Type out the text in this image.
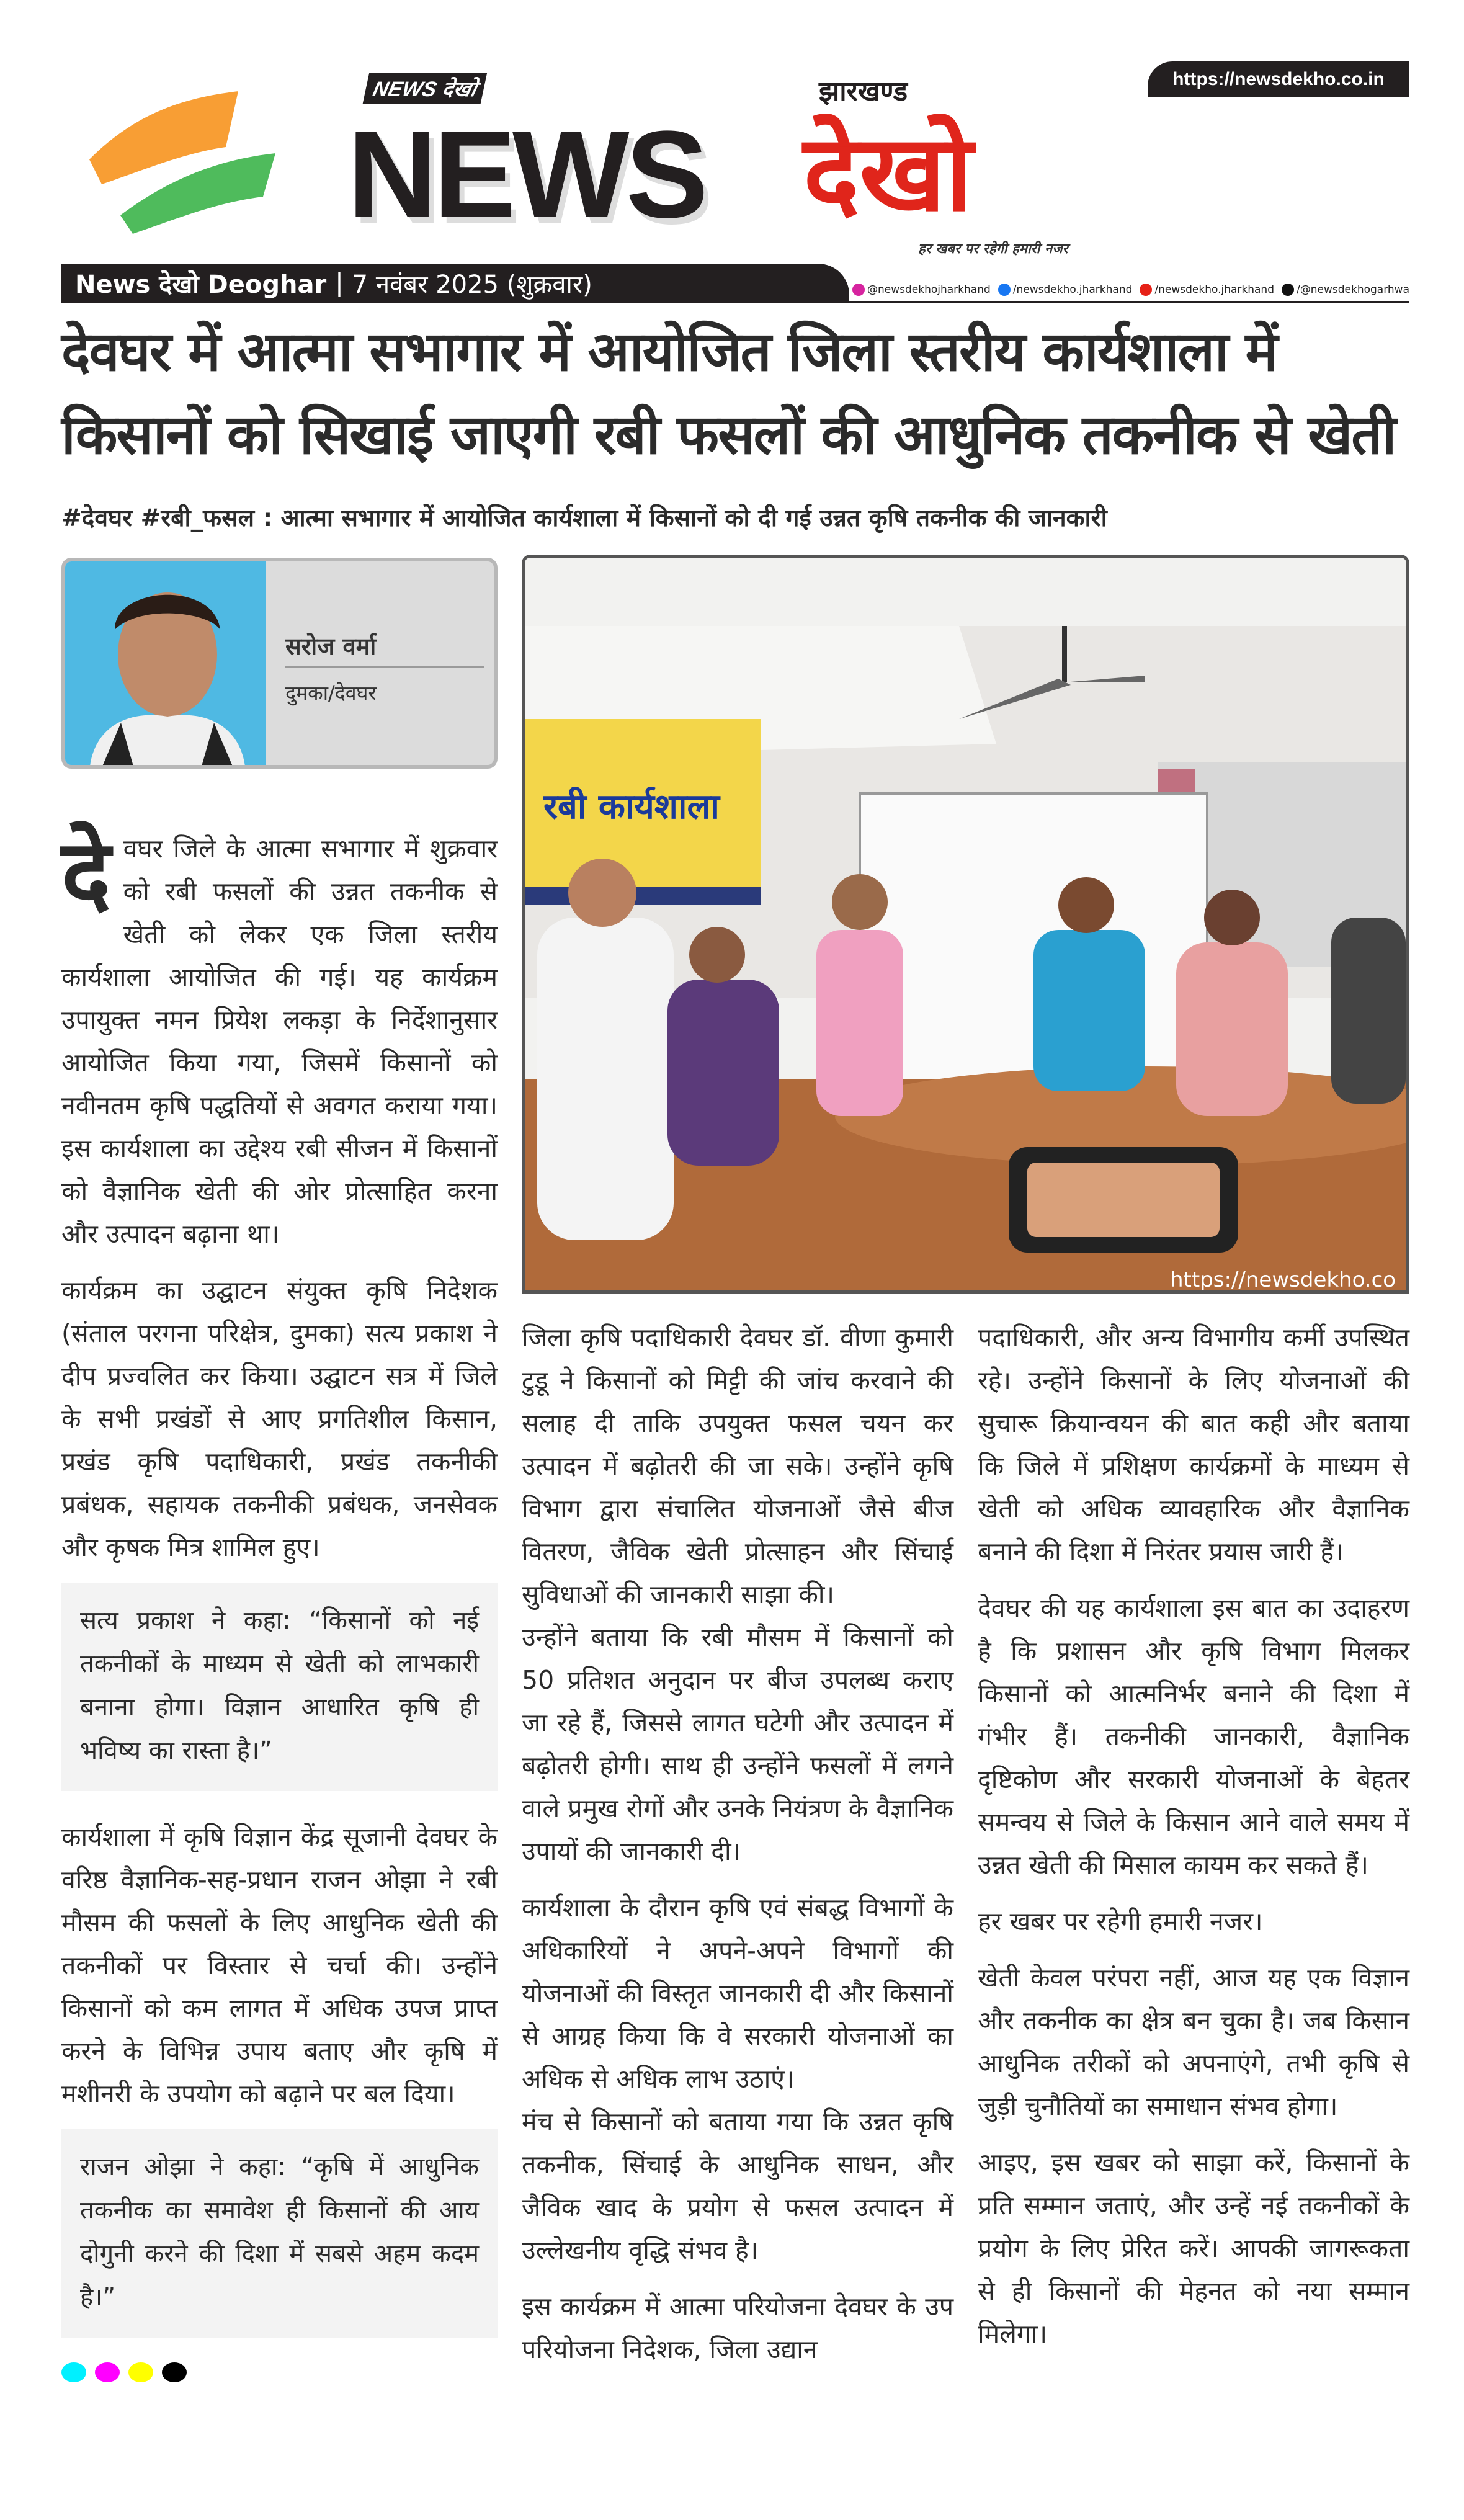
https://newsdekho.co.in
NEWS देखो
NEWS
झारखण्ड
देखो
हर खबर पर रहेगी हमारी नजर
News देखो Deoghar | 7 नवंबर 2025 (शुक्रवार)	@newsdekhojharkhand /newsdekho.jharkhand /newsdekho.jharkhand /@newsdekhogarhwa
देवघर में आत्मा सभागार में आयोजित जिला स्तरीय कार्यशाला में
किसानों को सिखाई जाएगी रबी फसलों की आधुनिक तकनीक से खेती
#देवघर #रबी_फसल : आत्मा सभागार में आयोजित कार्यशाला में किसानों को दी गई उन्नत कृषि तकनीक की जानकारी
सरोज वर्मा
दुमका/देवघर

देवघर जिले के आत्मा सभागार में शुक्रवार को रबी फसलों की उन्नत तकनीक से खेती को लेकर एक जिला स्तरीय कार्यशाला आयोजित की गई। यह कार्यक्रम उपायुक्त नमन प्रियेश लकड़ा के निर्देशानुसार आयोजित किया गया, जिसमें किसानों को नवीनतम कृषि पद्धतियों से अवगत कराया गया। इस कार्यशाला का उद्देश्य रबी सीजन में किसानों को वैज्ञानिक खेती की ओर प्रोत्साहित करना और उत्पादन बढ़ाना था।

कार्यक्रम का उद्घाटन संयुक्त कृषि निदेशक (संताल परगना परिक्षेत्र, दुमका) सत्य प्रकाश ने दीप प्रज्वलित कर किया। उद्घाटन सत्र में जिले के सभी प्रखंडों से आए प्रगतिशील किसान, प्रखंड कृषि पदाधिकारी, प्रखंड तकनीकी प्रबंधक, सहायक तकनीकी प्रबंधक, जनसेवक और कृषक मित्र शामिल हुए।

सत्य प्रकाश ने कहा: “किसानों को नई तकनीकों के माध्यम से खेती को लाभकारी बनाना होगा। विज्ञान आधारित कृषि ही भविष्य का रास्ता है।”

कार्यशाला में कृषि विज्ञान केंद्र सूजानी देवघर के वरिष्ठ वैज्ञानिक-सह-प्रधान राजन ओझा ने रबी मौसम की फसलों के लिए आधुनिक खेती की तकनीकों पर विस्तार से चर्चा की। उन्होंने किसानों को कम लागत में अधिक उपज प्राप्त करने के विभिन्न उपाय बताए और कृषि में मशीनरी के उपयोग को बढ़ाने पर बल दिया।

राजन ओझा ने कहा: “कृषि में आधुनिक तकनीक का समावेश ही किसानों की आय दोगुनी करने की दिशा में सबसे अहम कदम है।”
रबी कार्यशाला
https://newsdekho.co

जिला कृषि पदाधिकारी देवघर डॉ. वीणा कुमारी टुडू ने किसानों को मिट्टी की जांच करवाने की सलाह दी ताकि उपयुक्त फसल चयन कर उत्पादन में बढ़ोतरी की जा सके। उन्होंने कृषि विभाग द्वारा संचालित योजनाओं जैसे बीज वितरण, जैविक खेती प्रोत्साहन और सिंचाई सुविधाओं की जानकारी साझा की।

उन्होंने बताया कि रबी मौसम में किसानों को 50 प्रतिशत अनुदान पर बीज उपलब्ध कराए जा रहे हैं, जिससे लागत घटेगी और उत्पादन में बढ़ोतरी होगी। साथ ही उन्होंने फसलों में लगने वाले प्रमुख रोगों और उनके नियंत्रण के वैज्ञानिक उपायों की जानकारी दी।

कार्यशाला के दौरान कृषि एवं संबद्ध विभागों के अधिकारियों ने अपने-अपने विभागों की योजनाओं की विस्तृत जानकारी दी और किसानों से आग्रह किया कि वे सरकारी योजनाओं का अधिक से अधिक लाभ उठाएं।

मंच से किसानों को बताया गया कि उन्नत कृषि तकनीक, सिंचाई के आधुनिक साधन, और जैविक खाद के प्रयोग से फसल उत्पादन में उल्लेखनीय वृद्धि संभव है।

इस कार्यक्रम में आत्मा परियोजना देवघर के उप परियोजना निदेशक, जिला उद्यान

पदाधिकारी, और अन्य विभागीय कर्मी उपस्थित रहे। उन्होंने किसानों के लिए योजनाओं की सुचारू क्रियान्वयन की बात कही और बताया कि जिले में प्रशिक्षण कार्यक्रमों के माध्यम से खेती को अधिक व्यावहारिक और वैज्ञानिक बनाने की दिशा में निरंतर प्रयास जारी हैं।

देवघर की यह कार्यशाला इस बात का उदाहरण है कि प्रशासन और कृषि विभाग मिलकर किसानों को आत्मनिर्भर बनाने की दिशा में गंभीर हैं। तकनीकी जानकारी, वैज्ञानिक दृष्टिकोण और सरकारी योजनाओं के बेहतर समन्वय से जिले के किसान आने वाले समय में उन्नत खेती की मिसाल कायम कर सकते हैं।

हर खबर पर रहेगी हमारी नजर।

खेती केवल परंपरा नहीं, आज यह एक विज्ञान और तकनीक का क्षेत्र बन चुका है। जब किसान आधुनिक तरीकों को अपनाएंगे, तभी कृषि से जुड़ी चुनौतियों का समाधान संभव होगा।

आइए, इस खबर को साझा करें, किसानों के प्रति सम्मान जताएं, और उन्हें नई तकनीकों के प्रयोग के लिए प्रेरित करें। आपकी जागरूकता से ही किसानों की मेहनत को नया सम्मान मिलेगा।
